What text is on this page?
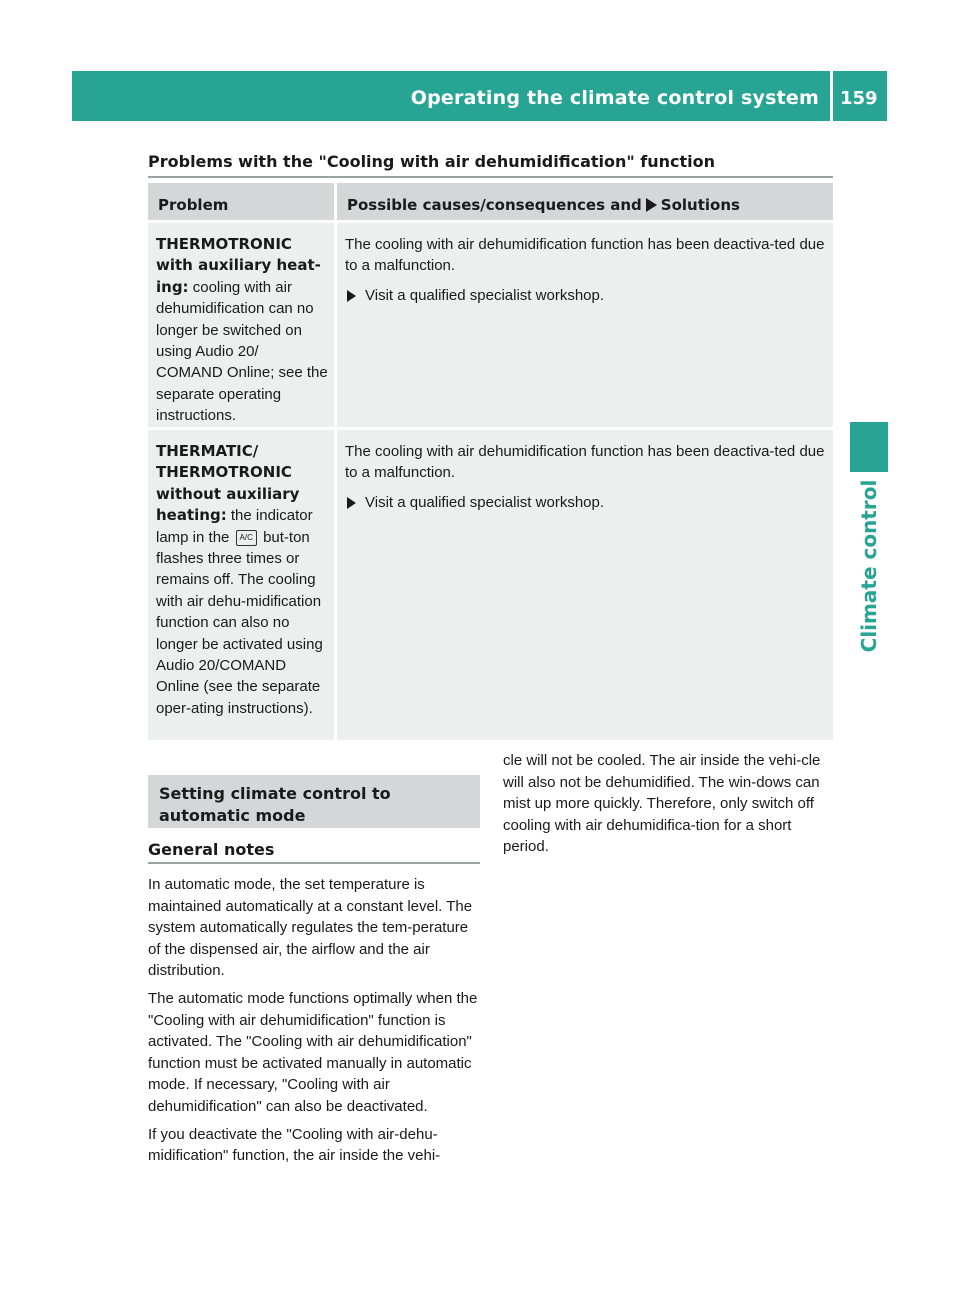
Operating the climate control system 159
Climate control
Problems with the "Cooling with air dehumidification" function
Problem	Possible causes/consequences and Solutions
THERMOTRONIC with auxiliary heat-ing: cooling with air dehumidification can no longer be switched on using Audio 20/ COMAND Online; see the separate operating instructions.

The cooling with air dehumidification function has been deactiva-ted due to a malfunction.

Visit a qualified specialist workshop.
THERMATIC/ THERMOTRONIC without auxiliary heating: the indicator lamp in the A/C but-ton flashes three times or remains off. The cooling with air dehu-midification function can also no longer be activated using Audio 20/COMAND Online (see the separate oper-ating instructions).

The cooling with air dehumidification function has been deactiva-ted due to a malfunction.

Visit a qualified specialist workshop.
Setting climate control to automatic mode
General notes

In automatic mode, the set temperature is maintained automatically at a constant level. The system automatically regulates the tem-perature of the dispensed air, the airflow and the air distribution.

The automatic mode functions optimally when the "Cooling with air dehumidification" function is activated. The "Cooling with air dehumidification" function must be activated manually in automatic mode. If necessary, "Cooling with air dehumidification" can also be deactivated.

If you deactivate the "Cooling with air-dehu-midification" function, the air inside the vehi-

cle will not be cooled. The air inside the vehi-cle will also not be dehumidified. The win-dows can mist up more quickly. Therefore, only switch off cooling with air dehumidifica-tion for a short period.
